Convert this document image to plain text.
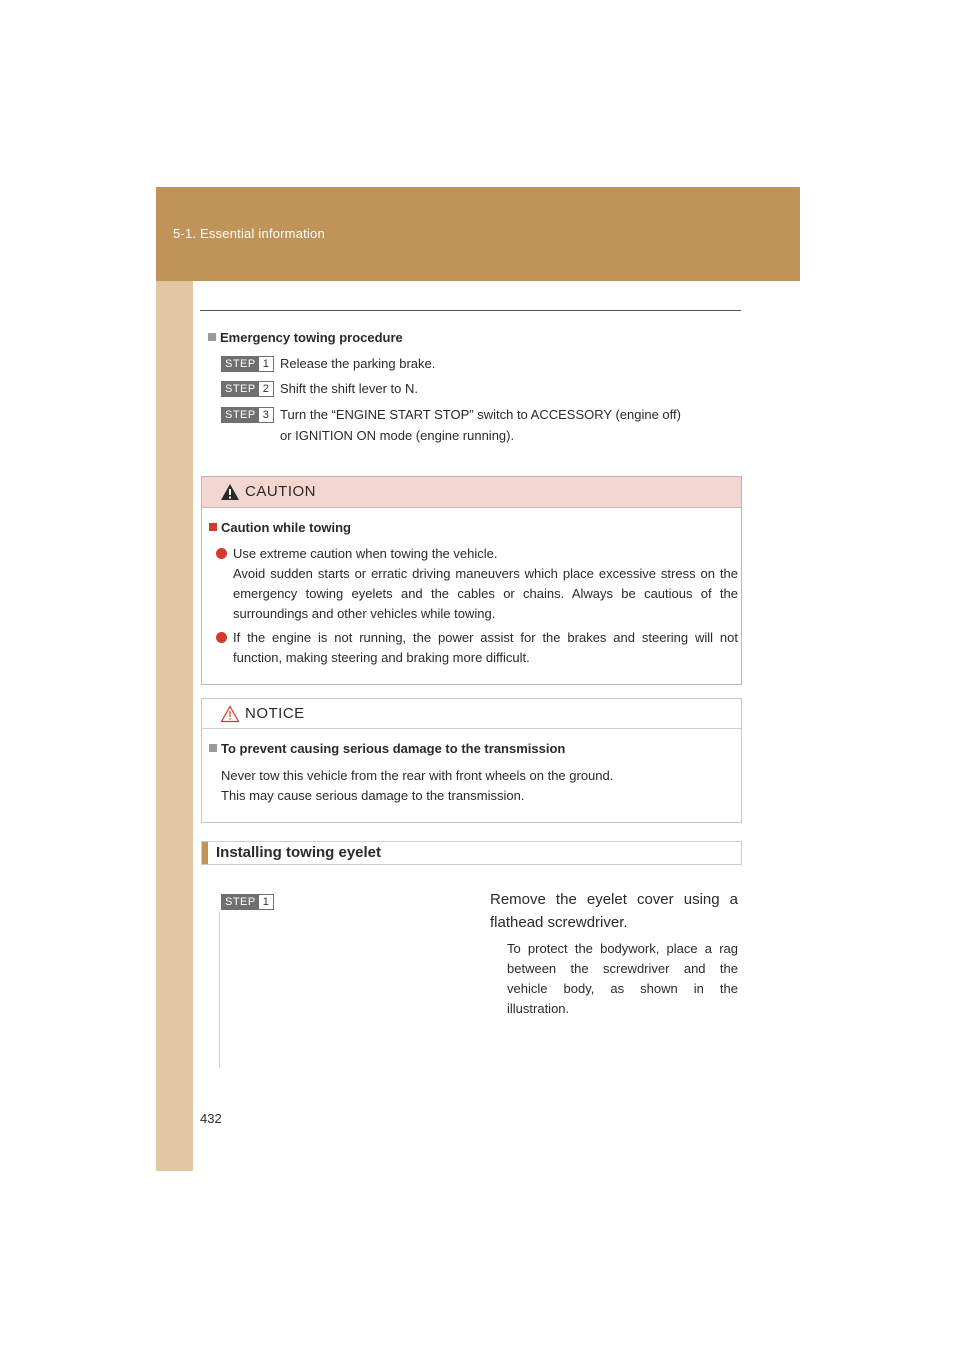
5-1. Essential information
Emergency towing procedure
STEP 1 Release the parking brake.
STEP 2 Shift the shift lever to N.
STEP 3 Turn the “ENGINE START STOP” switch to ACCESSORY (engine off)
or IGNITION ON mode (engine running).
CAUTION
Caution while towing
Use extreme caution when towing the vehicle.
Avoid sudden starts or erratic driving maneuvers which place excessive stress on the emergency towing eyelets and the cables or chains. Always be cautious of the surroundings and other vehicles while towing.
If the engine is not running, the power assist for the brakes and steering will not function, making steering and braking more difficult.
NOTICE
To prevent causing serious damage to the transmission
Never tow this vehicle from the rear with front wheels on the ground.
This may cause serious damage to the transmission.
Installing towing eyelet
STEP 1	Remove the eyelet cover using a flathead screwdriver.
To protect the bodywork, place a rag between the screwdriver and the vehicle body, as shown in the illustration.
432
